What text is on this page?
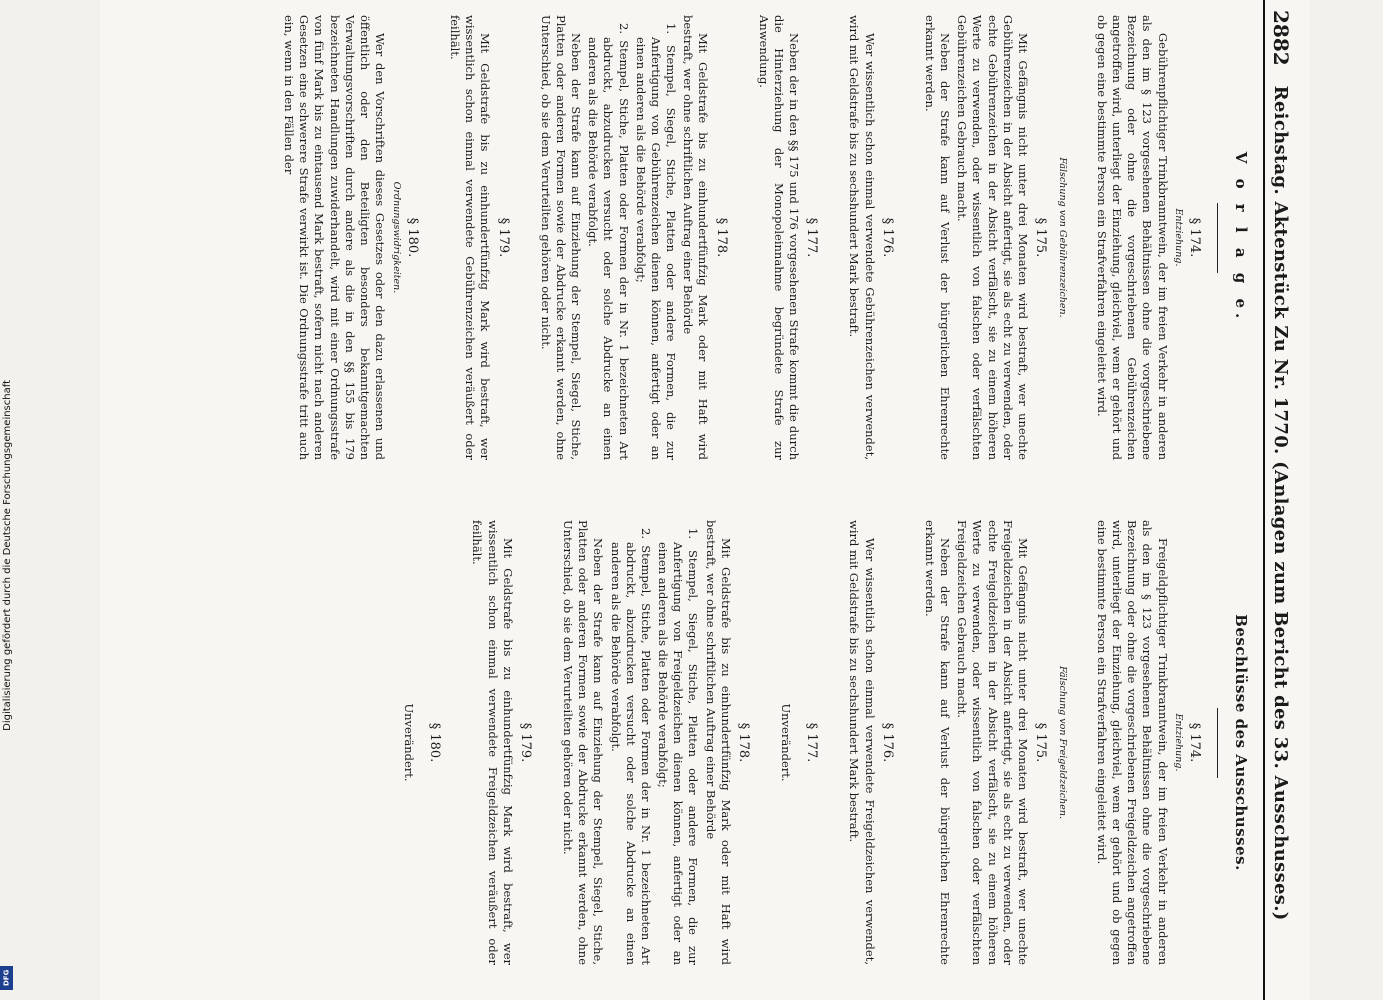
2882
Reichstag. Aktenstück Zu Nr. 1770. (Anlagen zum Bericht des 33. Ausschusses.)
V o r l a g e.
§ 174.
Entziehung.

Gebührenpflichtiger Trinkbranntwein, der im freien Verkehr in anderen als den im § 123 vorgesehenen Behältnissen ohne die vorgeschriebene Bezeichnung oder ohne die vorgeschriebenen Gebührenzeichen angetroffen wird, unterliegt der Einziehung, gleichviel, wem er gehört und ob gegen eine bestimmte Person ein Strafverfahren eingeleitet wird.

Fälschung von Gebührenzeichen.
§ 175.

Mit Gefängnis nicht unter drei Monaten wird bestraft, wer unechte Gebührenzeichen in der Absicht anfertigt, sie als echt zu verwenden, oder echte Gebührenzeichen in der Absicht verfälscht, sie zu einem höheren Werte zu verwenden, oder wissentlich von falschen oder verfälschten Gebührenzeichen Gebrauch macht.

Neben der Strafe kann auf Verlust der bürgerlichen Ehrenrechte erkannt werden.

§ 176.

Wer wissentlich schon einmal verwendete Gebührenzeichen verwendet, wird mit Geldstrafe bis zu sechshundert Mark bestraft.

§ 177.

Neben der in den §§ 175 und 176 vorgesehenen Strafe kommt die durch die Hinterziehung der Monopoleinnahme begründete Strafe zur Anwendung.

§ 178.

Mit Geldstrafe bis zu einhundertfünfzig Mark oder mit Haft wird bestraft, wer ohne schriftlichen Auftrag einer Behörde

1. Stempel, Siegel, Stiche, Platten oder andere Formen, die zur Anfertigung von Gebührenzeichen dienen können, anfertigt oder an einen anderen als die Behörde verabfolgt;

2. Stempel, Stiche, Platten oder Formen der in Nr. 1 bezeichneten Art abdruckt, abzudrucken versucht oder solche Abdrucke an einen anderen als die Behörde verabfolgt.

Neben der Strafe kann auf Einziehung der Stempel, Siegel, Stiche, Platten oder anderen Formen sowie der Abdrucke erkannt werden, ohne Unterschied, ob sie dem Verurteilten gehören oder nicht.

§ 179.

Mit Geldstrafe bis zu einhundertfünfzig Mark wird bestraft, wer wissentlich schon einmal verwendete Gebührenzeichen veräußert oder feilhält.

§ 180.
Ordnungswidrigkeiten.

Wer den Vorschriften dieses Gesetzes oder den dazu erlassenen und öffentlich oder den Beteiligten besonders bekanntgemachten Verwaltungsvorschriften durch andere als die in den §§ 155 bis 179 bezeichneten Handlungen zuwiderhandelt, wird mit einer Ordnungsstrafe von fünf Mark bis zu eintausend Mark bestraft, sofern nicht nach anderen Gesetzen eine schwerere Strafe verwirkt ist. Die Ordnungsstrafe tritt auch ein, wenn in den Fällen der

Beschlüsse des Ausschusses.
§ 174.
Entziehung.

Freigeldpflichtiger Trinkbranntwein, der im freien Verkehr in anderen als den im § 123 vorgesehenen Behältnissen ohne die vorgeschriebene Bezeichnung oder ohne die vorgeschriebenen Freigeldzeichen angetroffen wird, unterliegt der Einziehung, gleichviel, wem er gehört und ob gegen eine bestimmte Person ein Strafverfahren eingeleitet wird.

Fälschung von Freigeldzeichen.
§ 175.

Mit Gefängnis nicht unter drei Monaten wird bestraft, wer unechte Freigeldzeichen in der Absicht anfertigt, sie als echt zu verwenden, oder echte Freigeldzeichen in der Absicht verfälscht, sie zu einem höheren Werte zu verwenden, oder wissentlich von falschen oder verfälschten Freigeldzeichen Gebrauch macht.

Neben der Strafe kann auf Verlust der bürgerlichen Ehrenrechte erkannt werden.

§ 176.

Wer wissentlich schon einmal verwendete Freigeldzeichen verwendet, wird mit Geldstrafe bis zu sechshundert Mark bestraft.

§ 177.
Unverändert.
§ 178.

Mit Geldstrafe bis zu einhundertfünfzig Mark oder mit Haft wird bestraft, wer ohne schriftlichen Auftrag einer Behörde

1. Stempel, Siegel, Stiche, Platten oder andere Formen, die zur Anfertigung von Freigeldzeichen dienen können, anfertigt oder an einen anderen als die Behörde verabfolgt;

2. Stempel, Stiche, Platten oder Formen der in Nr. 1 bezeichneten Art abdruckt, abzudrucken versucht oder solche Abdrucke an einen anderen als die Behörde verabfolgt.

Neben der Strafe kann auf Einziehung der Stempel, Siegel, Stiche, Platten oder anderen Formen sowie der Abdrucke erkannt werden, ohne Unterschied, ob sie dem Verurteilten gehören oder nicht.

§ 179.

Mit Geldstrafe bis zu einhundertfünfzig Mark wird bestraft, wer wissentlich schon einmal verwendete Freigeldzeichen veräußert oder feilhält.

§ 180.
Unverändert.
Digitalisierung gefördert durch die Deutsche Forschungsgemeinschaft
DFG
